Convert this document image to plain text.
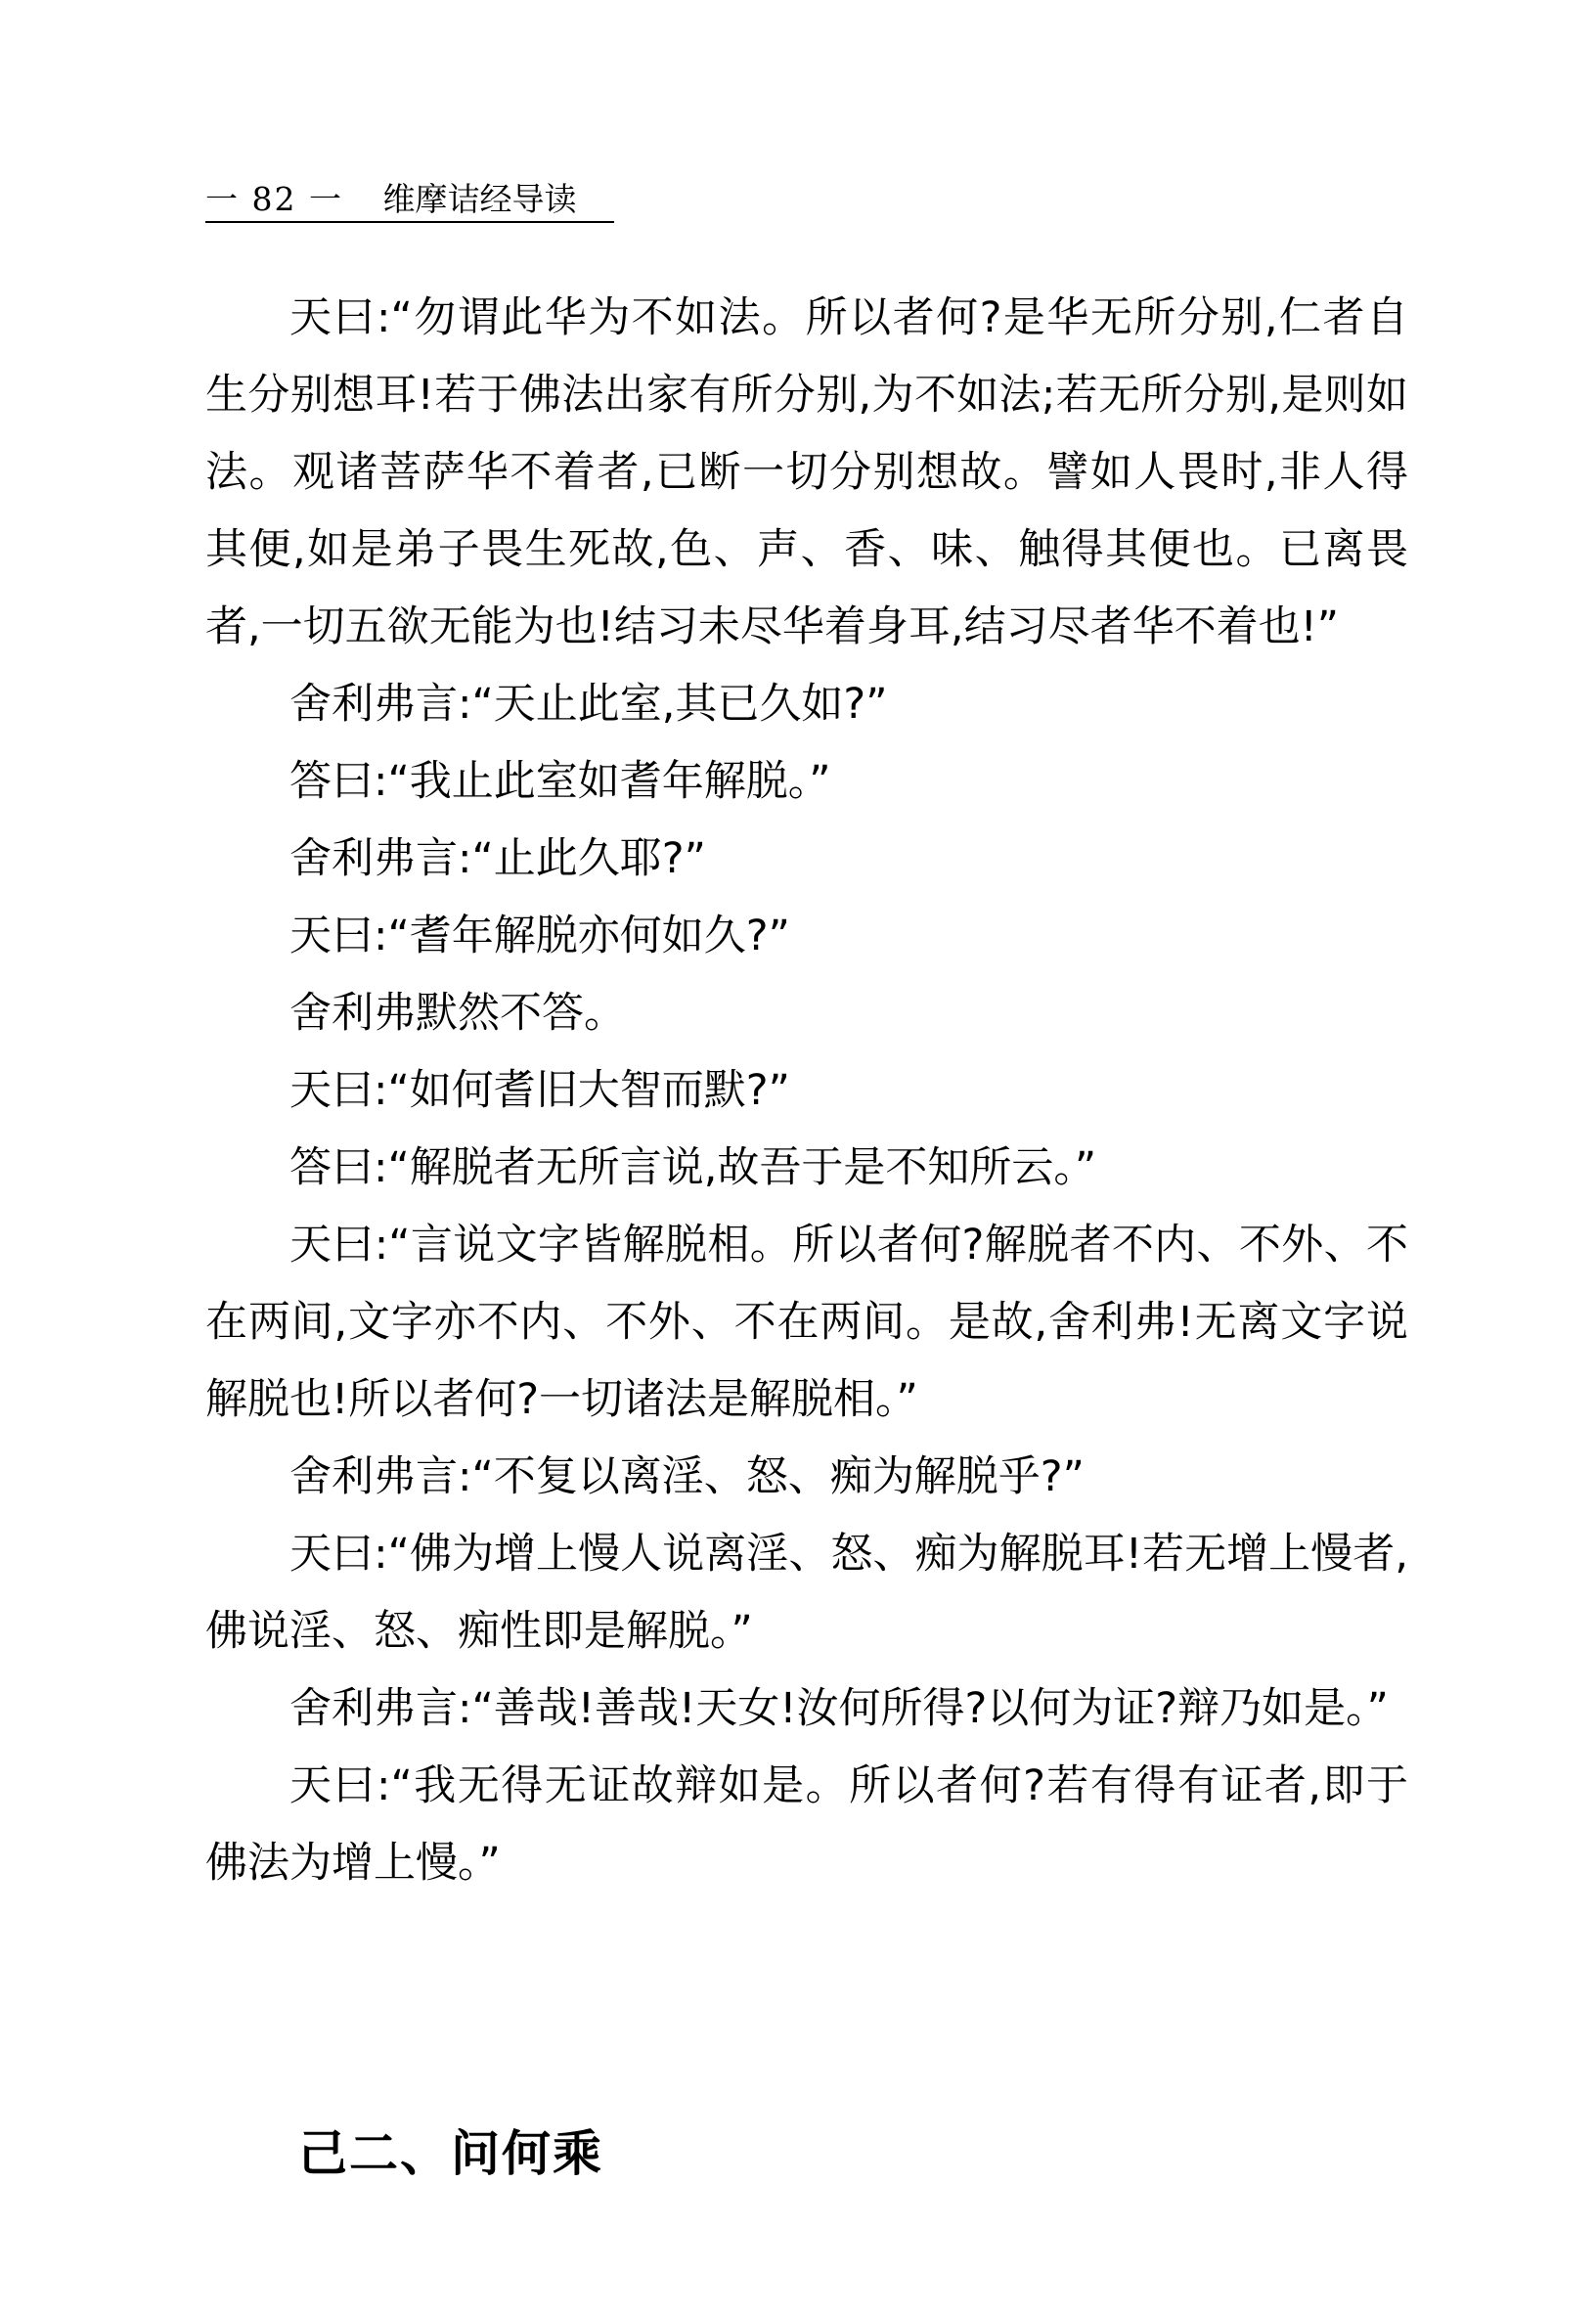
一 82 一 维摩诘经导读

天曰:“勿谓此华为不如法。所以者何?是华无所分别,仁者自生分别想耳!若于佛法出家有所分别,为不如法;若无所分别,是则如法。观诸菩萨华不着者,已断一切分别想故。譬如人畏时,非人得其便,如是弟子畏生死故,色、声、香、味、触得其便也。已离畏者,一切五欲无能为也!结习未尽华着身耳,结习尽者华不着也!”

舍利弗言:“天止此室,其已久如?”

答曰:“我止此室如耆年解脱。”

舍利弗言:“止此久耶?”

天曰:“耆年解脱亦何如久?”

舍利弗默然不答。

天曰:“如何耆旧大智而默?”

答曰:“解脱者无所言说,故吾于是不知所云。”

天曰:“言说文字皆解脱相。所以者何?解脱者不内、不外、不在两间,文字亦不内、不外、不在两间。是故,舍利弗!无离文字说解脱也!所以者何?一切诸法是解脱相。”

舍利弗言:“不复以离淫、怒、痴为解脱乎?”

天曰:“佛为增上慢人说离淫、怒、痴为解脱耳!若无增上慢者,佛说淫、怒、痴性即是解脱。”

舍利弗言:“善哉!善哉!天女!汝何所得?以何为证?辩乃如是。”

天曰:“我无得无证故辩如是。所以者何?若有得有证者,即于佛法为增上慢。”

己二、问何乘
